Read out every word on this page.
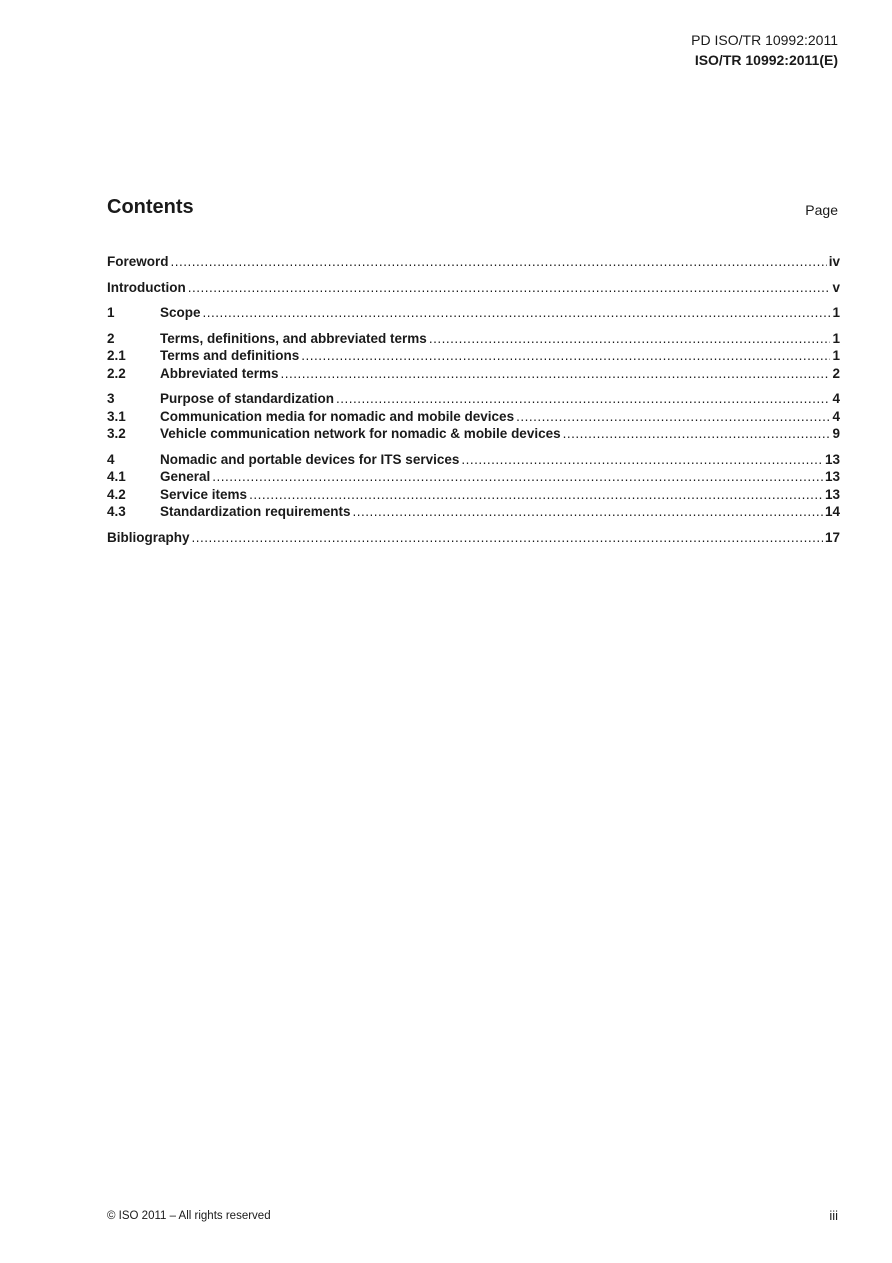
PD ISO/TR 10992:2011
ISO/TR 10992:2011(E)
Contents	Page
Foreword .....	iv
Introduction .....	v
1	Scope .....	1
2	Terms, definitions, and abbreviated terms .....	1
2.1	Terms and definitions .....	1
2.2	Abbreviated terms .....	2
3	Purpose of standardization .....	4
3.1	Communication media for nomadic and mobile devices .....	4
3.2	Vehicle communication network for nomadic & mobile devices .....	9
4	Nomadic and portable devices for ITS services .....	13
4.1	General .....	13
4.2	Service items .....	13
4.3	Standardization requirements .....	14
Bibliography .....	17
© ISO 2011 – All rights reserved	iii
